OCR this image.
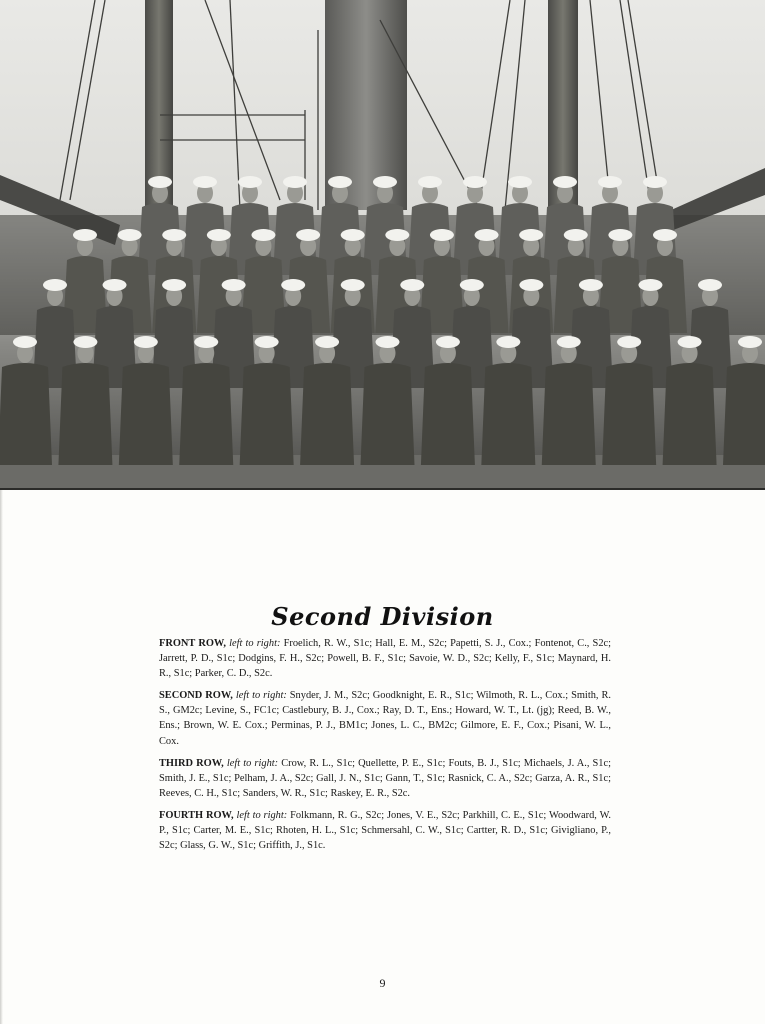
Second Division

FRONT ROW, left to right: Froelich, R. W., S1c; Hall, E. M., S2c; Papetti, S. J., Cox.; Fontenot, C., S2c; Jarrett, P. D., S1c; Dodgins, F. H., S2c; Powell, B. F., S1c; Savoie, W. D., S2c; Kelly, F., S1c; Maynard, H. R., S1c; Parker, C. D., S2c.

SECOND ROW, left to right: Snyder, J. M., S2c; Goodknight, E. R., S1c; Wilmoth, R. L., Cox.; Smith, R. S., GM2c; Levine, S., FC1c; Castlebury, B. J., Cox.; Ray, D. T., Ens.; Howard, W. T., Lt. (jg); Reed, B. W., Ens.; Brown, W. E. Cox.; Perminas, P. J., BM1c; Jones, L. C., BM2c; Gilmore, E. F., Cox.; Pisani, W. L., Cox.

THIRD ROW, left to right: Crow, R. L., S1c; Quellette, P. E., S1c; Fouts, B. J., S1c; Michaels, J. A., S1c; Smith, J. E., S1c; Pelham, J. A., S2c; Gall, J. N., S1c; Gann, T., S1c; Rasnick, C. A., S2c; Garza, A. R., S1c; Reeves, C. H., S1c; Sanders, W. R., S1c; Raskey, E. R., S2c.

FOURTH ROW, left to right: Folkmann, R. G., S2c; Jones, V. E., S2c; Parkhill, C. E., S1c; Woodward, W. P., S1c; Carter, M. E., S1c; Rhoten, H. L., S1c; Schmersahl, C. W., S1c; Cartter, R. D., S1c; Givigliano, P., S2c; Glass, G. W., S1c; Griffith, J., S1c.

9
